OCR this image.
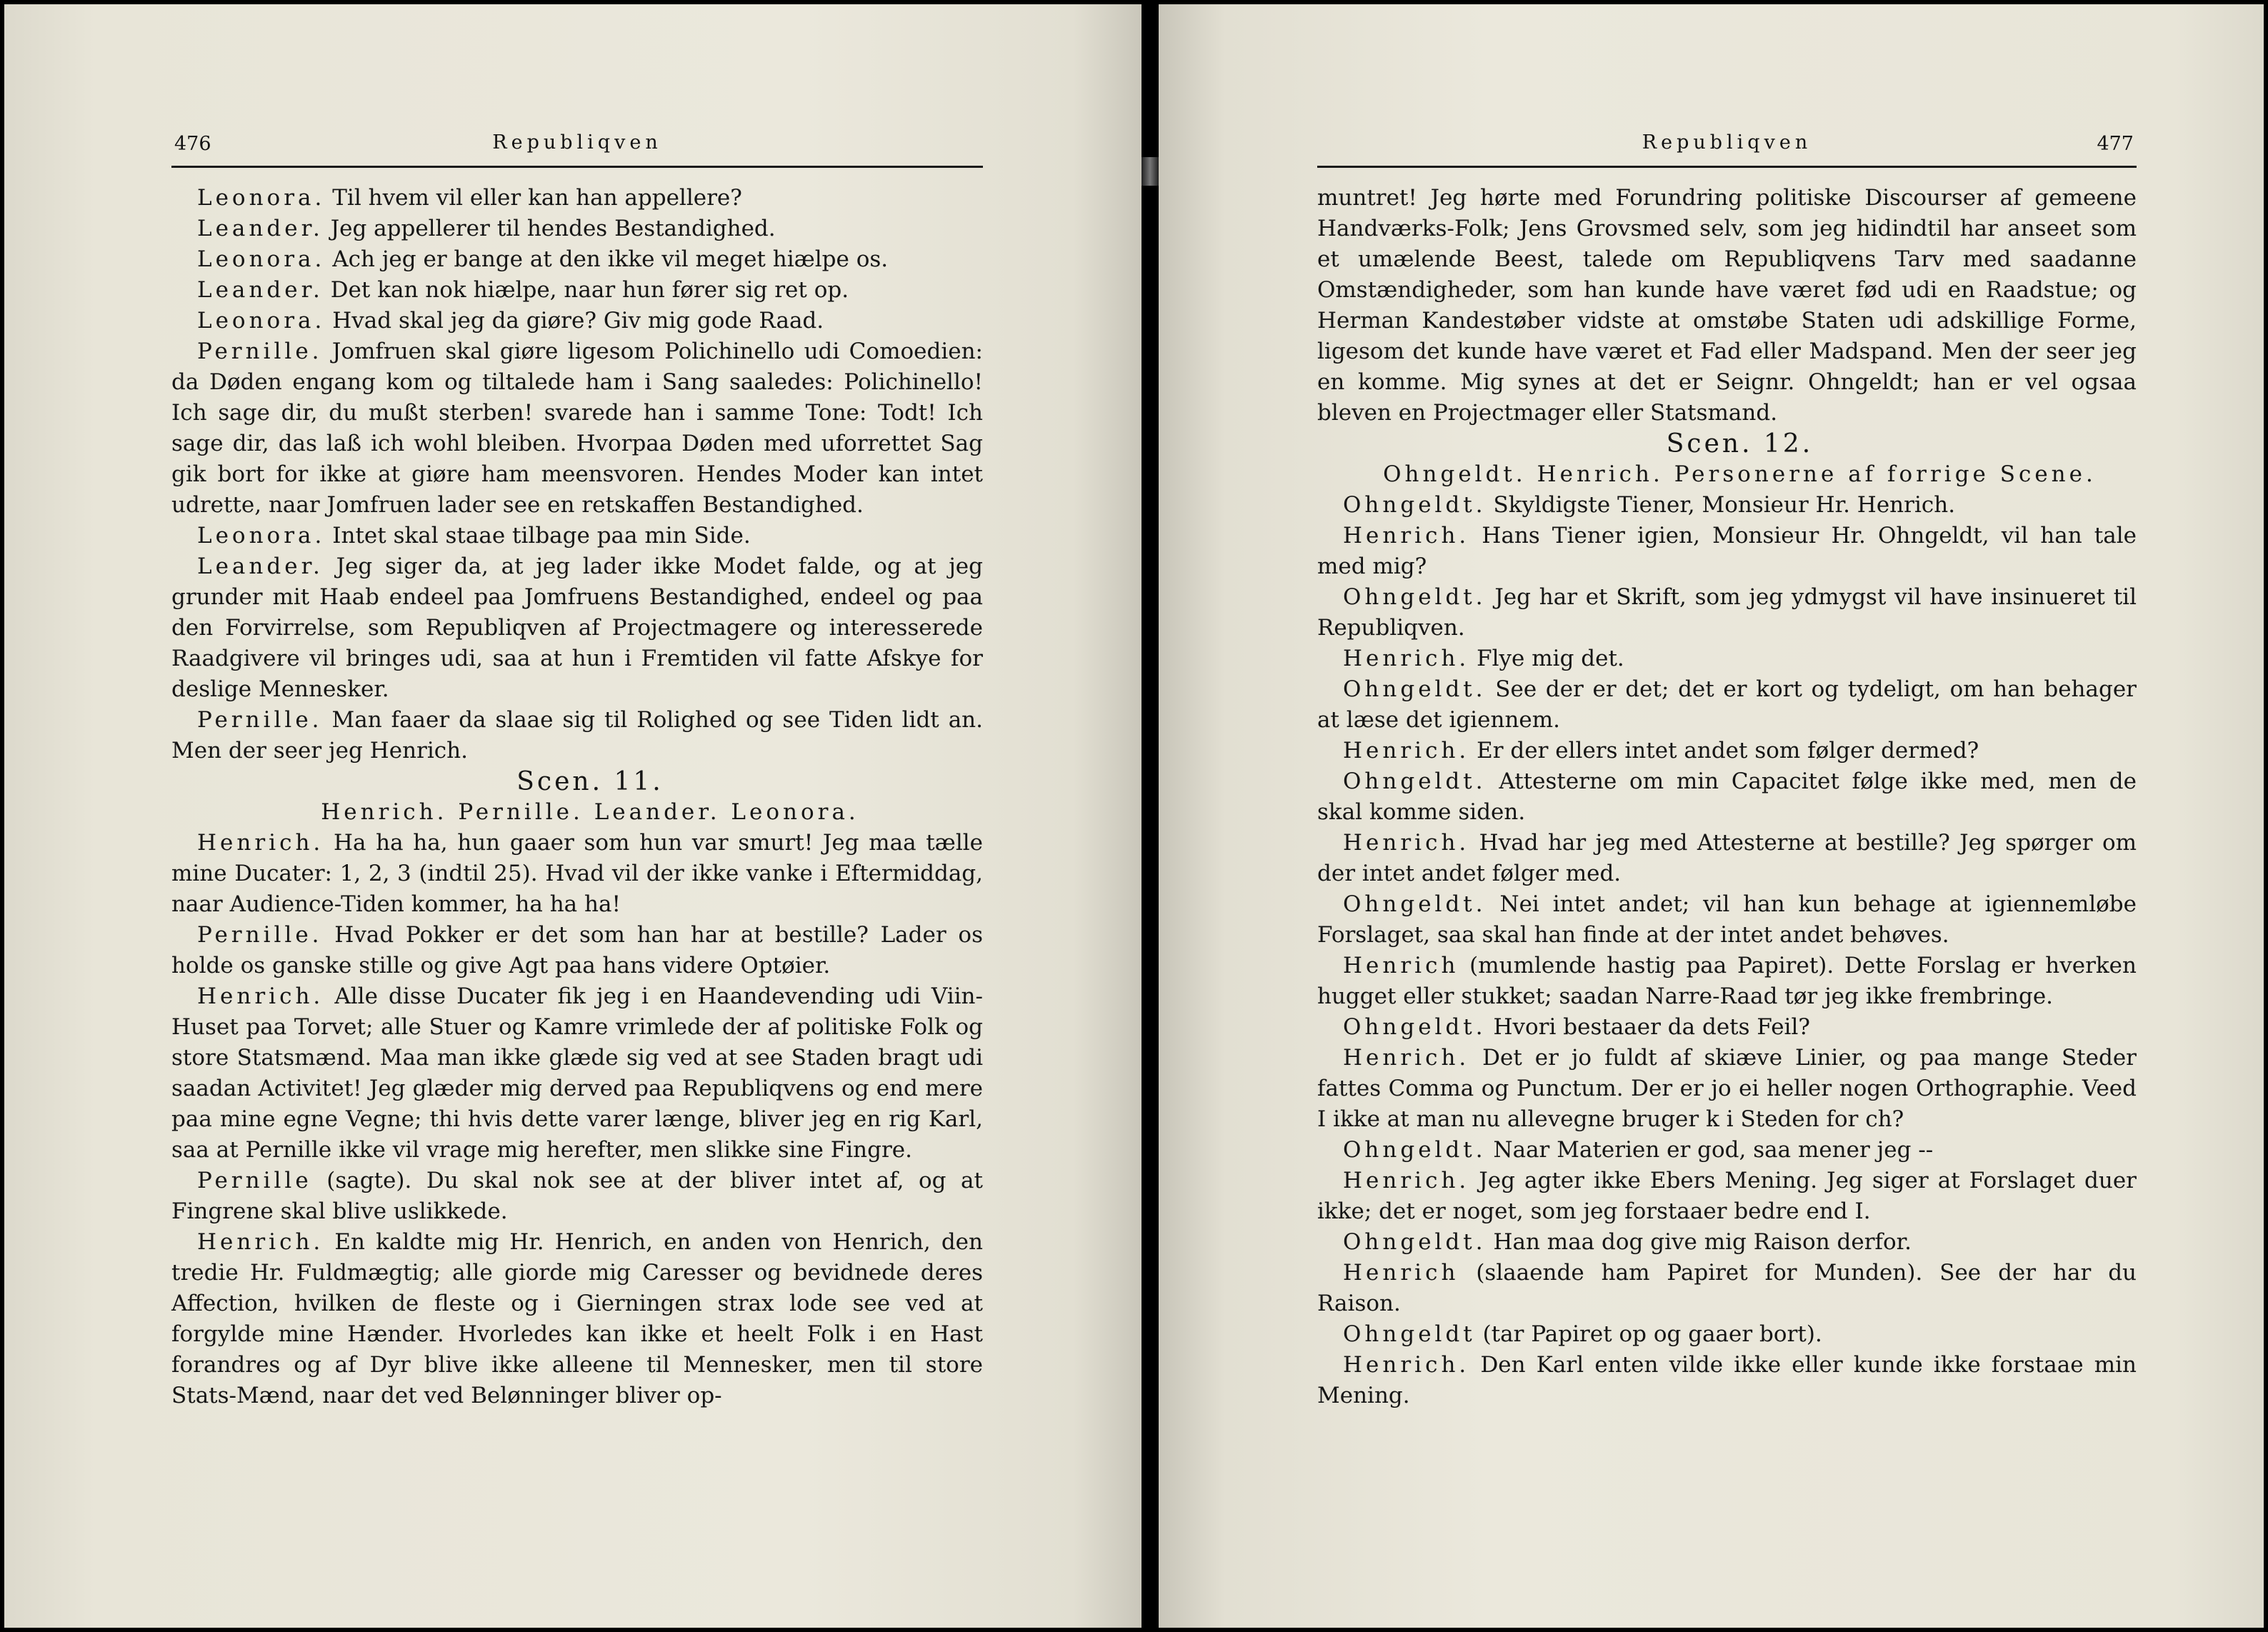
476	Republiqven

Leonora. Til hvem vil eller kan han appellere?

Leander. Jeg appellerer til hendes Bestandighed.

Leonora. Ach jeg er bange at den ikke vil meget hiælpe os.

Leander. Det kan nok hiælpe, naar hun fører sig ret op.

Leonora. Hvad skal jeg da giøre? Giv mig gode Raad.

Pernille. Jomfruen skal giøre ligesom Polichinello udi Comoedien: da Døden engang kom og tiltalede ham i Sang saaledes: Polichinello! Ich sage dir, du mußt sterben! svarede han i samme Tone: Todt! Ich sage dir, das laß ich wohl bleiben. Hvorpaa Døden med uforrettet Sag gik bort for ikke at giøre ham meensvoren. Hendes Moder kan intet udrette, naar Jomfruen lader see en retskaffen Bestandighed.

Leonora. Intet skal staae tilbage paa min Side.

Leander. Jeg siger da, at jeg lader ikke Modet falde, og at jeg grunder mit Haab endeel paa Jomfruens Bestandighed, endeel og paa den Forvirrelse, som Republiqven af Projectmagere og interesserede Raadgivere vil bringes udi, saa at hun i Fremtiden vil fatte Afskye for deslige Mennesker.

Pernille. Man faaer da slaae sig til Rolighed og see Tiden lidt an. Men der seer jeg Henrich.

Scen. 11.

Henrich. Pernille. Leander. Leonora.

Henrich. Ha ha ha, hun gaaer som hun var smurt! Jeg maa tælle mine Ducater: 1, 2, 3 (indtil 25). Hvad vil der ikke vanke i Eftermiddag, naar Audience-Tiden kommer, ha ha ha!

Pernille. Hvad Pokker er det som han har at bestille? Lader os holde os ganske stille og give Agt paa hans videre Optøier.

Henrich. Alle disse Ducater fik jeg i en Haandevending udi Viin-Huset paa Torvet; alle Stuer og Kamre vrimlede der af politiske Folk og store Statsmænd. Maa man ikke glæde sig ved at see Staden bragt udi saadan Activitet! Jeg glæder mig derved paa Republiqvens og end mere paa mine egne Vegne; thi hvis dette varer længe, bliver jeg en rig Karl, saa at Pernille ikke vil vrage mig herefter, men slikke sine Fingre.

Pernille (sagte). Du skal nok see at der bliver intet af, og at Fingrene skal blive uslikkede.

Henrich. En kaldte mig Hr. Henrich, en anden von Henrich, den tredie Hr. Fuldmægtig; alle giorde mig Caresser og bevidnede deres Affection, hvilken de fleste og i Gierningen strax lode see ved at forgylde mine Hænder. Hvorledes kan ikke et heelt Folk i en Hast forandres og af Dyr blive ikke alleene til Mennesker, men til store Stats-Mænd, naar det ved Belønninger bliver op-

Republiqven	477

muntret! Jeg hørte med Forundring politiske Discourser af gemeene Handværks-Folk; Jens Grovsmed selv, som jeg hidindtil har anseet som et umælende Beest, talede om Republiqvens Tarv med saadanne Omstændigheder, som han kunde have været fød udi en Raadstue; og Herman Kandestøber vidste at omstøbe Staten udi adskillige Forme, ligesom det kunde have været et Fad eller Madspand. Men der seer jeg en komme. Mig synes at det er Seignr. Ohngeldt; han er vel ogsaa bleven en Projectmager eller Statsmand.

Scen. 12.

Ohngeldt. Henrich. Personerne af forrige Scene.

Ohngeldt. Skyldigste Tiener, Monsieur Hr. Henrich.

Henrich. Hans Tiener igien, Monsieur Hr. Ohngeldt, vil han tale med mig?

Ohngeldt. Jeg har et Skrift, som jeg ydmygst vil have insinueret til Republiqven.

Henrich. Flye mig det.

Ohngeldt. See der er det; det er kort og tydeligt, om han behager at læse det igiennem.

Henrich. Er der ellers intet andet som følger dermed?

Ohngeldt. Attesterne om min Capacitet følge ikke med, men de skal komme siden.

Henrich. Hvad har jeg med Attesterne at bestille? Jeg spørger om der intet andet følger med.

Ohngeldt. Nei intet andet; vil han kun behage at igiennemløbe Forslaget, saa skal han finde at der intet andet behøves.

Henrich (mumlende hastig paa Papiret). Dette Forslag er hverken hugget eller stukket; saadan Narre-Raad tør jeg ikke frembringe.

Ohngeldt. Hvori bestaaer da dets Feil?

Henrich. Det er jo fuldt af skiæve Linier, og paa mange Steder fattes Comma og Punctum. Der er jo ei heller nogen Orthographie. Veed I ikke at man nu allevegne bruger k i Steden for ch?

Ohngeldt. Naar Materien er god, saa mener jeg --

Henrich. Jeg agter ikke Ebers Mening. Jeg siger at Forslaget duer ikke; det er noget, som jeg forstaaer bedre end I.

Ohngeldt. Han maa dog give mig Raison derfor.

Henrich (slaaende ham Papiret for Munden). See der har du Raison.

Ohngeldt (tar Papiret op og gaaer bort).

Henrich. Den Karl enten vilde ikke eller kunde ikke forstaae min Mening.
